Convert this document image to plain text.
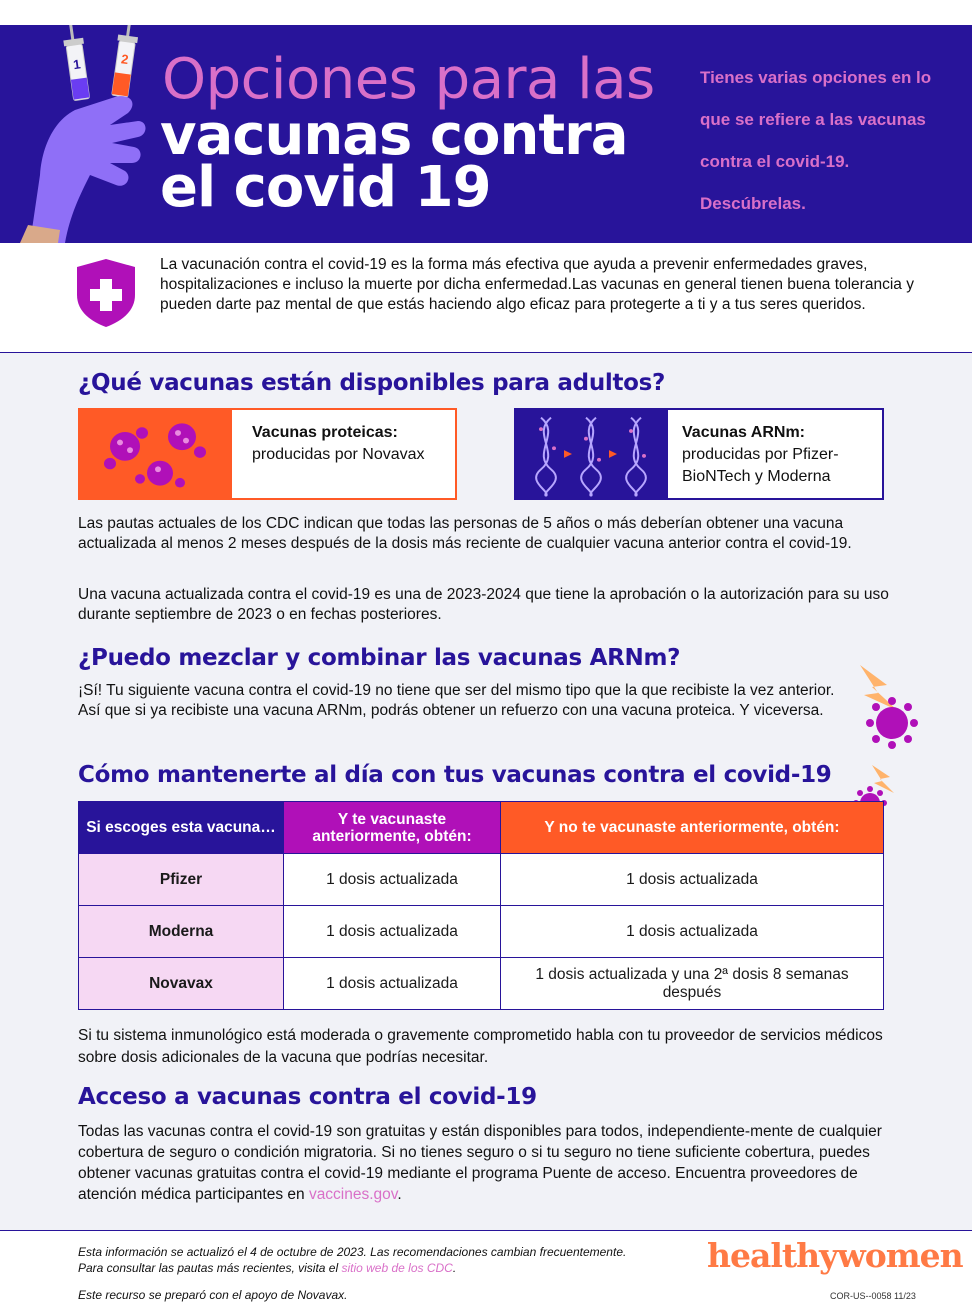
1	2 Opciones para las
vacunas contra
el covid 19
Tienes varias opciones en lo que se refiere a las vacunas contra el covid-19. Descúbrelas.
La vacunación contra el covid-19 es la forma más efectiva que ayuda a prevenir enfermedades graves, hospitalizaciones e incluso la muerte por dicha enfermedad.Las vacunas en general tienen buena tolerancia y pueden darte paz mental de que estás haciendo algo eficaz para protegerte a ti y a tus seres queridos.
¿Qué vacunas están disponibles para adultos?
Vacunas proteicas:
producidas por Novavax
Vacunas ARNm:
producidas por Pfizer-BioNTech y Moderna
Las pautas actuales de los CDC indican que todas las personas de 5 años o más deberían obtener una vacuna actualizada al menos 2 meses después de la dosis más reciente de cualquier vacuna anterior contra el covid-19.
Una vacuna actualizada contra el covid-19 es una de 2023-2024 que tiene la aprobación o la autorización para su uso durante septiembre de 2023 o en fechas posteriores.
¿Puedo mezclar y combinar las vacunas ARNm?
¡Sí! Tu siguiente vacuna contra el covid-19 no tiene que ser del mismo tipo que la que recibiste la vez anterior. Así que si ya recibiste una vacuna ARNm, podrás obtener un refuerzo con una vacuna proteica. Y viceversa.
Cómo mantenerte al día con tus vacunas contra el covid-19
Si escoges esta vacuna…	Y te vacunaste anteriormente, obtén:	Y no te vacunaste anteriormente, obtén:
Pfizer	1 dosis actualizada	1 dosis actualizada
Moderna	1 dosis actualizada	1 dosis actualizada
Novavax	1 dosis actualizada	1 dosis actualizada y una 2ª dosis 8 semanas después
Si tu sistema inmunológico está moderada o gravemente comprometido habla con tu proveedor de servicios médicos sobre dosis adicionales de la vacuna que podrías necesitar.
Acceso a vacunas contra el covid-19
Todas las vacunas contra el covid-19 son gratuitas y están disponibles para todos, independiente-mente de cualquier cobertura de seguro o condición migratoria. Si no tienes seguro o si tu seguro no tiene suficiente cobertura, puedes obtener vacunas gratuitas contra el covid-19 mediante el programa Puente de acceso. Encuentra proveedores de atención médica participantes en vaccines.gov.
Esta información se actualizó el 4 de octubre de 2023. Las recomendaciones cambian frecuentemente. Para consultar las pautas más recientes, visita el sitio web de los CDC.
Este recurso se preparó con el apoyo de Novavax.
healthywomen
COR-US--0058 11/23
